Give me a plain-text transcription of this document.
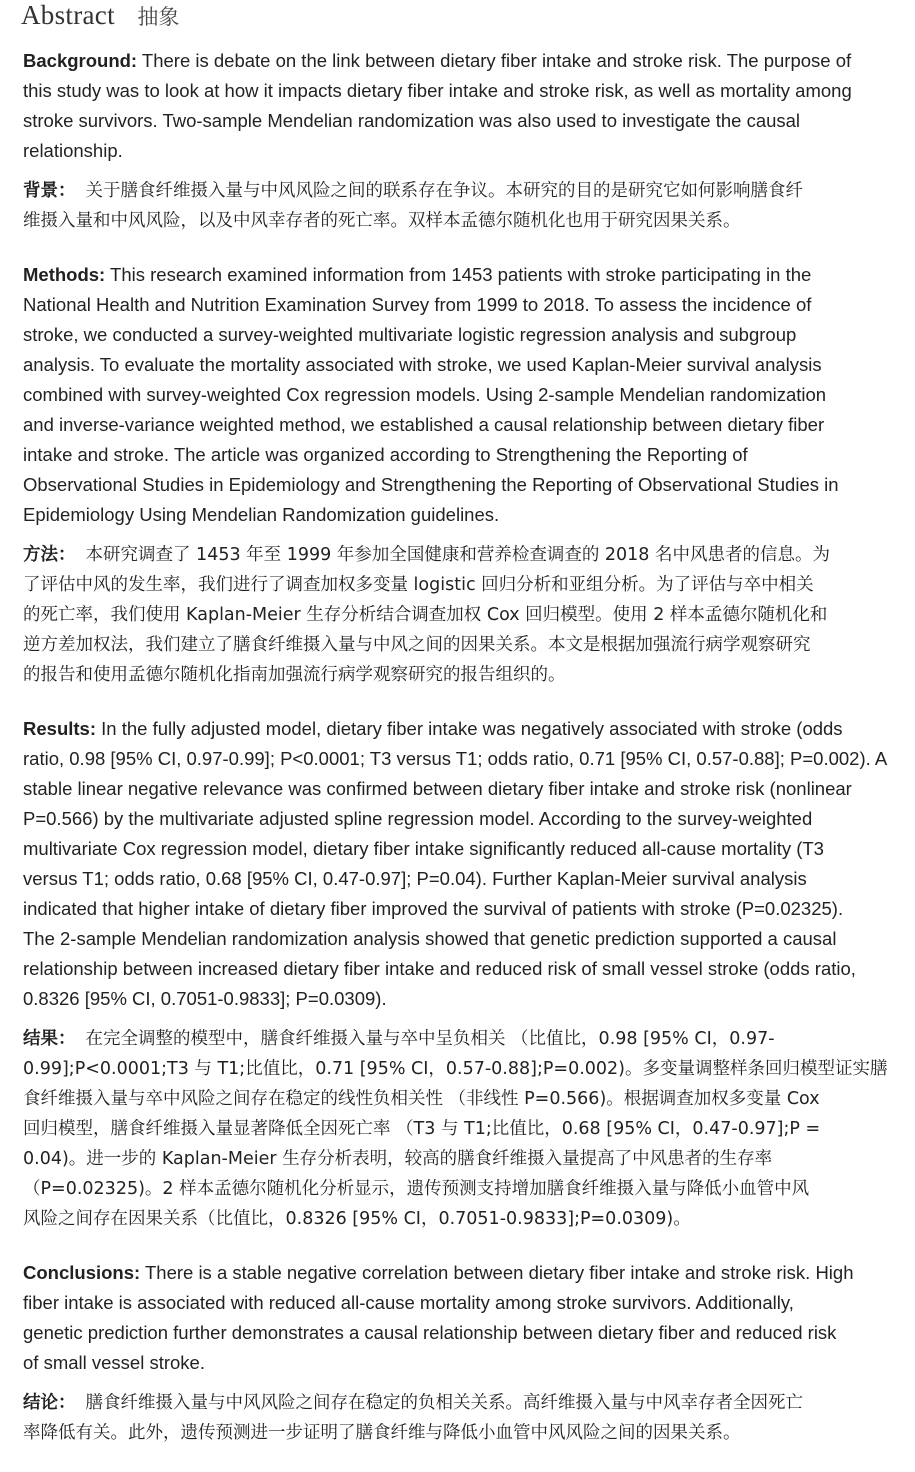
Abstract 抽象

Background: There is debate on the link between dietary fiber intake and stroke risk. The purpose of
this study was to look at how it impacts dietary fiber intake and stroke risk, as well as mortality among
stroke survivors. Two-sample Mendelian randomization was also used to investigate the causal
relationship.

背景： 关于膳食纤维摄入量与中风风险之间的联系存在争议。本研究的目的是研究它如何影响膳食纤
维摄入量和中风风险，以及中风幸存者的死亡率。双样本孟德尔随机化也用于研究因果关系。

Methods: This research examined information from 1453 patients with stroke participating in the
National Health and Nutrition Examination Survey from 1999 to 2018. To assess the incidence of
stroke, we conducted a survey-weighted multivariate logistic regression analysis and subgroup
analysis. To evaluate the mortality associated with stroke, we used Kaplan-Meier survival analysis
combined with survey-weighted Cox regression models. Using 2-sample Mendelian randomization
and inverse-variance weighted method, we established a causal relationship between dietary fiber
intake and stroke. The article was organized according to Strengthening the Reporting of
Observational Studies in Epidemiology and Strengthening the Reporting of Observational Studies in
Epidemiology Using Mendelian Randomization guidelines.

方法： 本研究调查了 1453 年至 1999 年参加全国健康和营养检查调查的 2018 名中风患者的信息。为
了评估中风的发生率，我们进行了调查加权多变量 logistic 回归分析和亚组分析。为了评估与卒中相关
的死亡率，我们使用 Kaplan-Meier 生存分析结合调查加权 Cox 回归模型。使用 2 样本孟德尔随机化和
逆方差加权法，我们建立了膳食纤维摄入量与中风之间的因果关系。本文是根据加强流行病学观察研究
的报告和使用孟德尔随机化指南加强流行病学观察研究的报告组织的。

Results: In the fully adjusted model, dietary fiber intake was negatively associated with stroke (odds
ratio, 0.98 [95% CI, 0.97-0.99]; P<0.0001; T3 versus T1; odds ratio, 0.71 [95% CI, 0.57-0.88]; P=0.002). A
stable linear negative relevance was confirmed between dietary fiber intake and stroke risk (nonlinear
P=0.566) by the multivariate adjusted spline regression model. According to the survey-weighted
multivariate Cox regression model, dietary fiber intake significantly reduced all-cause mortality (T3
versus T1; odds ratio, 0.68 [95% CI, 0.47-0.97]; P=0.04). Further Kaplan-Meier survival analysis
indicated that higher intake of dietary fiber improved the survival of patients with stroke (P=0.02325).
The 2-sample Mendelian randomization analysis showed that genetic prediction supported a causal
relationship between increased dietary fiber intake and reduced risk of small vessel stroke (odds ratio,
0.8326 [95% CI, 0.7051-0.9833]; P=0.0309).

结果： 在完全调整的模型中，膳食纤维摄入量与卒中呈负相关 （比值比，0.98 [95% CI，0.97-
0.99];P<0.0001;T3 与 T1;比值比，0.71 [95% CI，0.57-0.88];P=0.002)。多变量调整样条回归模型证实膳
食纤维摄入量与卒中风险之间存在稳定的线性负相关性 （非线性 P=0.566)。根据调查加权多变量 Cox
回归模型，膳食纤维摄入量显著降低全因死亡率 （T3 与 T1;比值比，0.68 [95% CI，0.47-0.97];P =
0.04)。进一步的 Kaplan-Meier 生存分析表明，较高的膳食纤维摄入量提高了中风患者的生存率
（P=0.02325)。2 样本孟德尔随机化分析显示，遗传预测支持增加膳食纤维摄入量与降低小血管中风
风险之间存在因果关系（比值比，0.8326 [95% CI，0.7051-0.9833];P=0.0309)。

Conclusions: There is a stable negative correlation between dietary fiber intake and stroke risk. High
fiber intake is associated with reduced all-cause mortality among stroke survivors. Additionally,
genetic prediction further demonstrates a causal relationship between dietary fiber and reduced risk
of small vessel stroke.

结论： 膳食纤维摄入量与中风风险之间存在稳定的负相关关系。高纤维摄入量与中风幸存者全因死亡
率降低有关。此外，遗传预测进一步证明了膳食纤维与降低小血管中风风险之间的因果关系。
